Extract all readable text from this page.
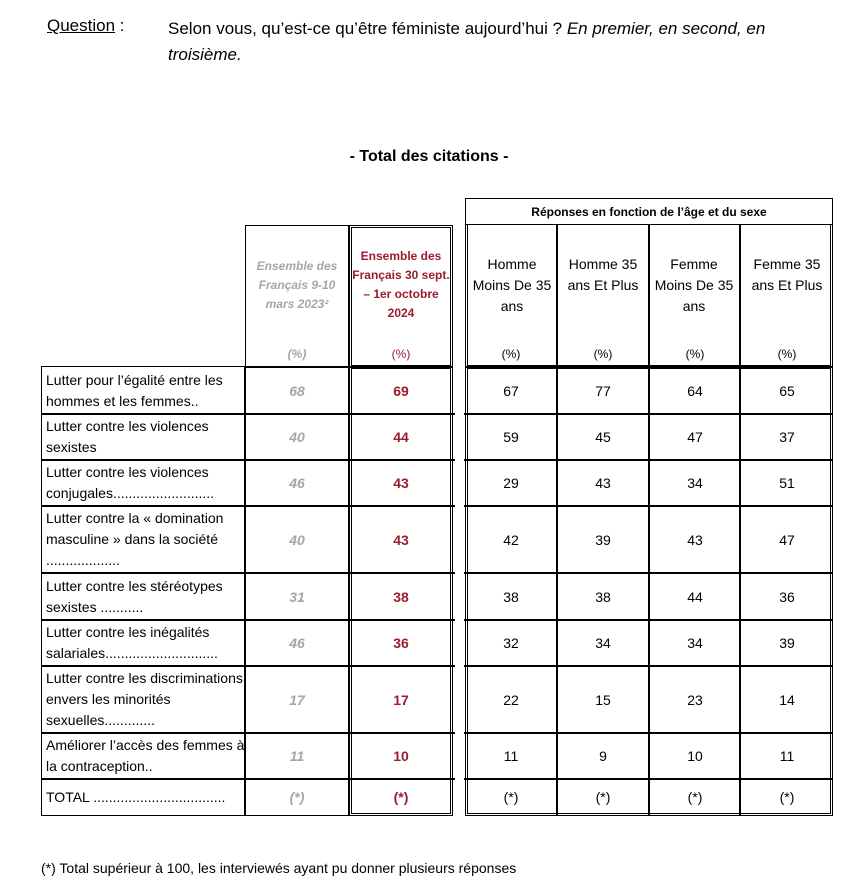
Question :	Selon vous, qu’est-ce qu’être féministe aujourd’hui ? En premier, en second, en troisième.
- Total des citations -
Réponses en fonction de l’âge et du sexe
Ensemble des Français 9-10 mars 2023²
Ensemble des Français 30 sept. – 1er octobre 2024
Homme Moins De 35 ans
Homme 35 ans Et Plus
Femme Moins De 35 ans
Femme 35 ans Et Plus
(%)	(%)	(%)	(%)	(%)	(%)
Lutter pour l’égalité entre les hommes et les femmes..
68	69	67	77	64	65
Lutter contre les violences sexistes
40	44	59	45	47	37
Lutter contre les violences conjugales..........................
46	43	29	43	34	51
Lutter contre la « domination masculine » dans la société ...................
40	43	42	39	43	47
Lutter contre les stéréotypes sexistes ...........
31	38	38	38	44	36
Lutter contre les inégalités salariales.............................
46	36	32	34	34	39
Lutter contre les discriminations envers les minorités sexuelles.............
17	17	22	15	23	14
Améliorer l’accès des femmes à la contraception..
11	10	11	9	10	11
TOTAL ..................................	(*)	(*)	(*)	(*)	(*)	(*)
(*) Total supérieur à 100, les interviewés ayant pu donner plusieurs réponses
